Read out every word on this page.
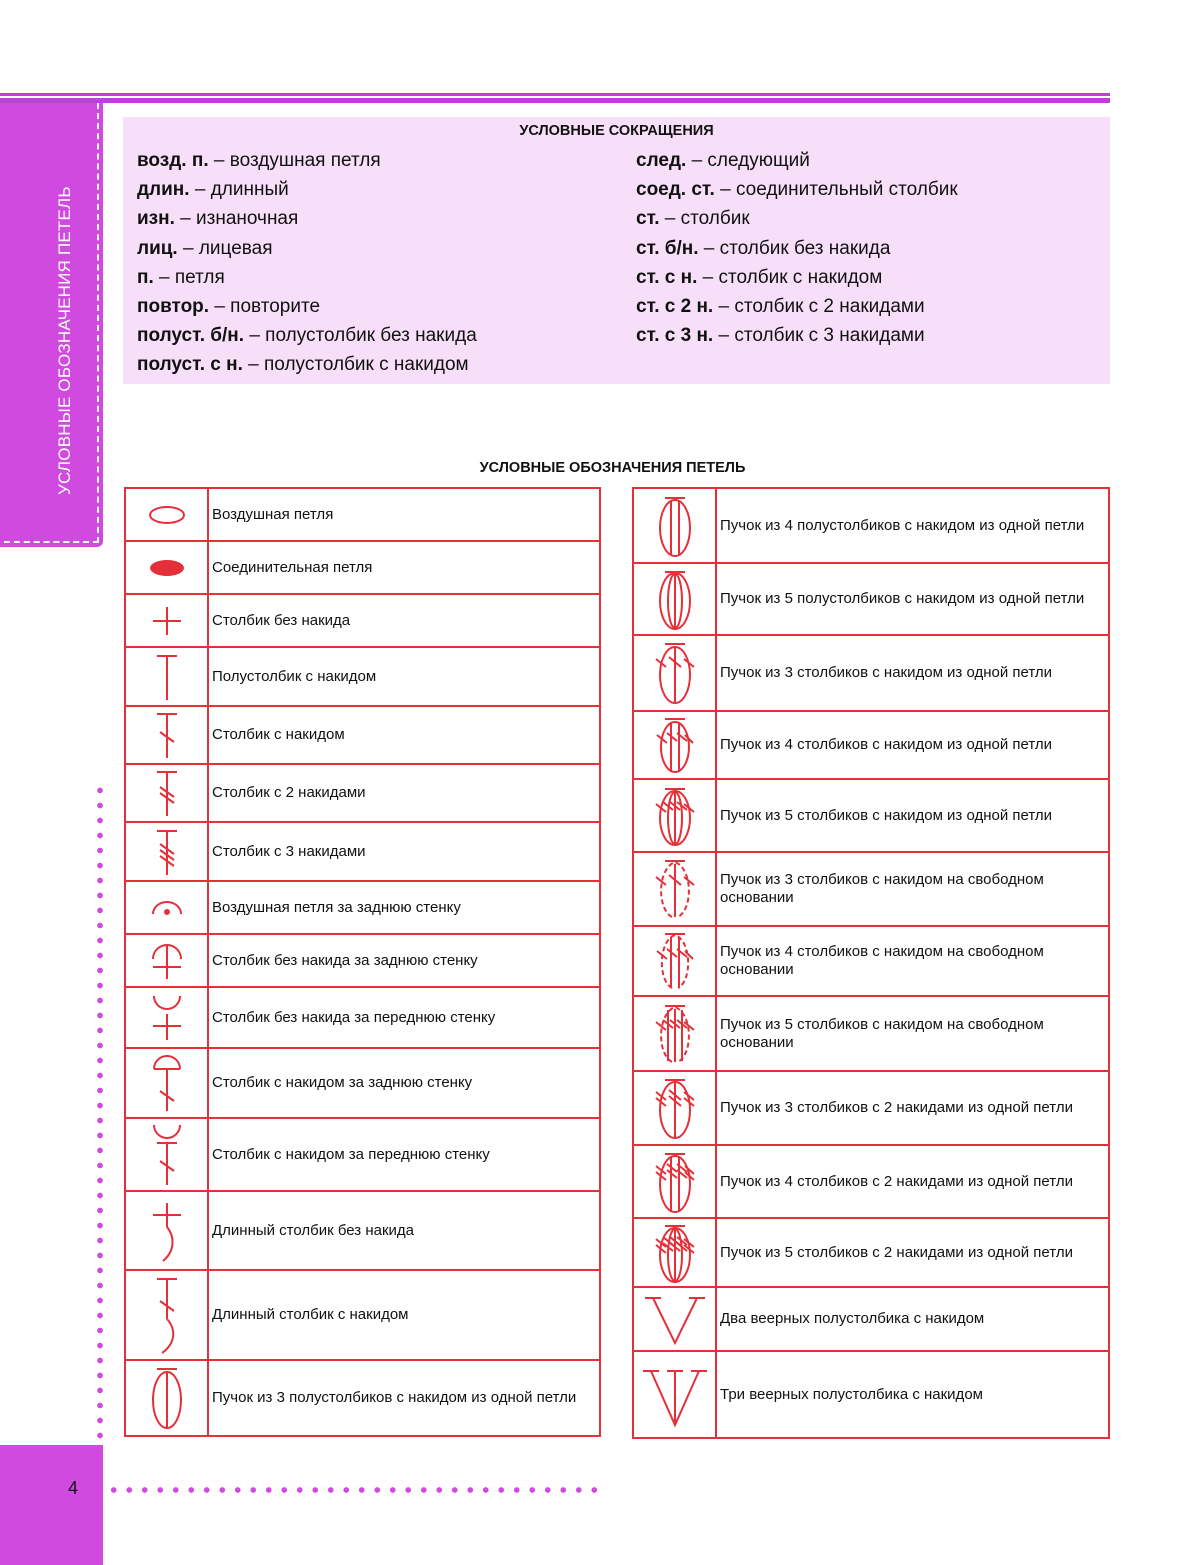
УСЛОВНЫЕ ОБОЗНАЧЕНИЯ ПЕТЕЛЬ
4
УСЛОВНЫЕ СОКРАЩЕНИЯ
возд. п. – воздушная петля
длин. – длинный
изн. – изнаночная
лиц. – лицевая
п. – петля
повтор. – повторите
полуст. б/н. – полустолбик без накида
полуст. с н. – полустолбик с накидом
след. – следующий
соед. ст. – соединительный столбик
ст. – столбик
ст. б/н. – столбик без накида
ст. с н. – столбик с накидом
ст. с 2 н. – столбик с 2 накидами
ст. с 3 н. – столбик с 3 накидами
УСЛОВНЫЕ ОБОЗНАЧЕНИЯ ПЕТЕЛЬ
	Воздушная петля

	Соединительная петля

	Столбик без накида

	Полустолбик с накидом

	Столбик с накидом

	Столбик с 2 накидами

	Столбик с 3 накидами

	Воздушная петля за заднюю стенку

	Столбик без накида за заднюю стенку

	Столбик без накида за переднюю стенку

	Столбик с накидом за заднюю стенку

	Столбик с накидом за переднюю стенку

	Длинный столбик без накида

	Длинный столбик с накидом

	Пучок из 3 полустолбиков с накидом из одной петли
	Пучок из 4 полустолбиков с накидом из одной петли

	Пучок из 5 полустолбиков с накидом из одной петли

	Пучок из 3 столбиков с накидом из одной петли

	Пучок из 4 столбиков с накидом из одной петли

	Пучок из 5 столбиков с накидом из одной петли

	Пучок из 3 столбиков с накидом на свободном основании

	Пучок из 4 столбиков с накидом на свободном основании

	Пучок из 5 столбиков с накидом на свободном основании

	Пучок из 3 столбиков с 2 накидами из одной петли

	Пучок из 4 столбиков с 2 накидами из одной петли

	Пучок из 5 столбиков с 2 накидами из одной петли

	Два веерных полустолбика с накидом

	Три веерных полустолбика с накидом
